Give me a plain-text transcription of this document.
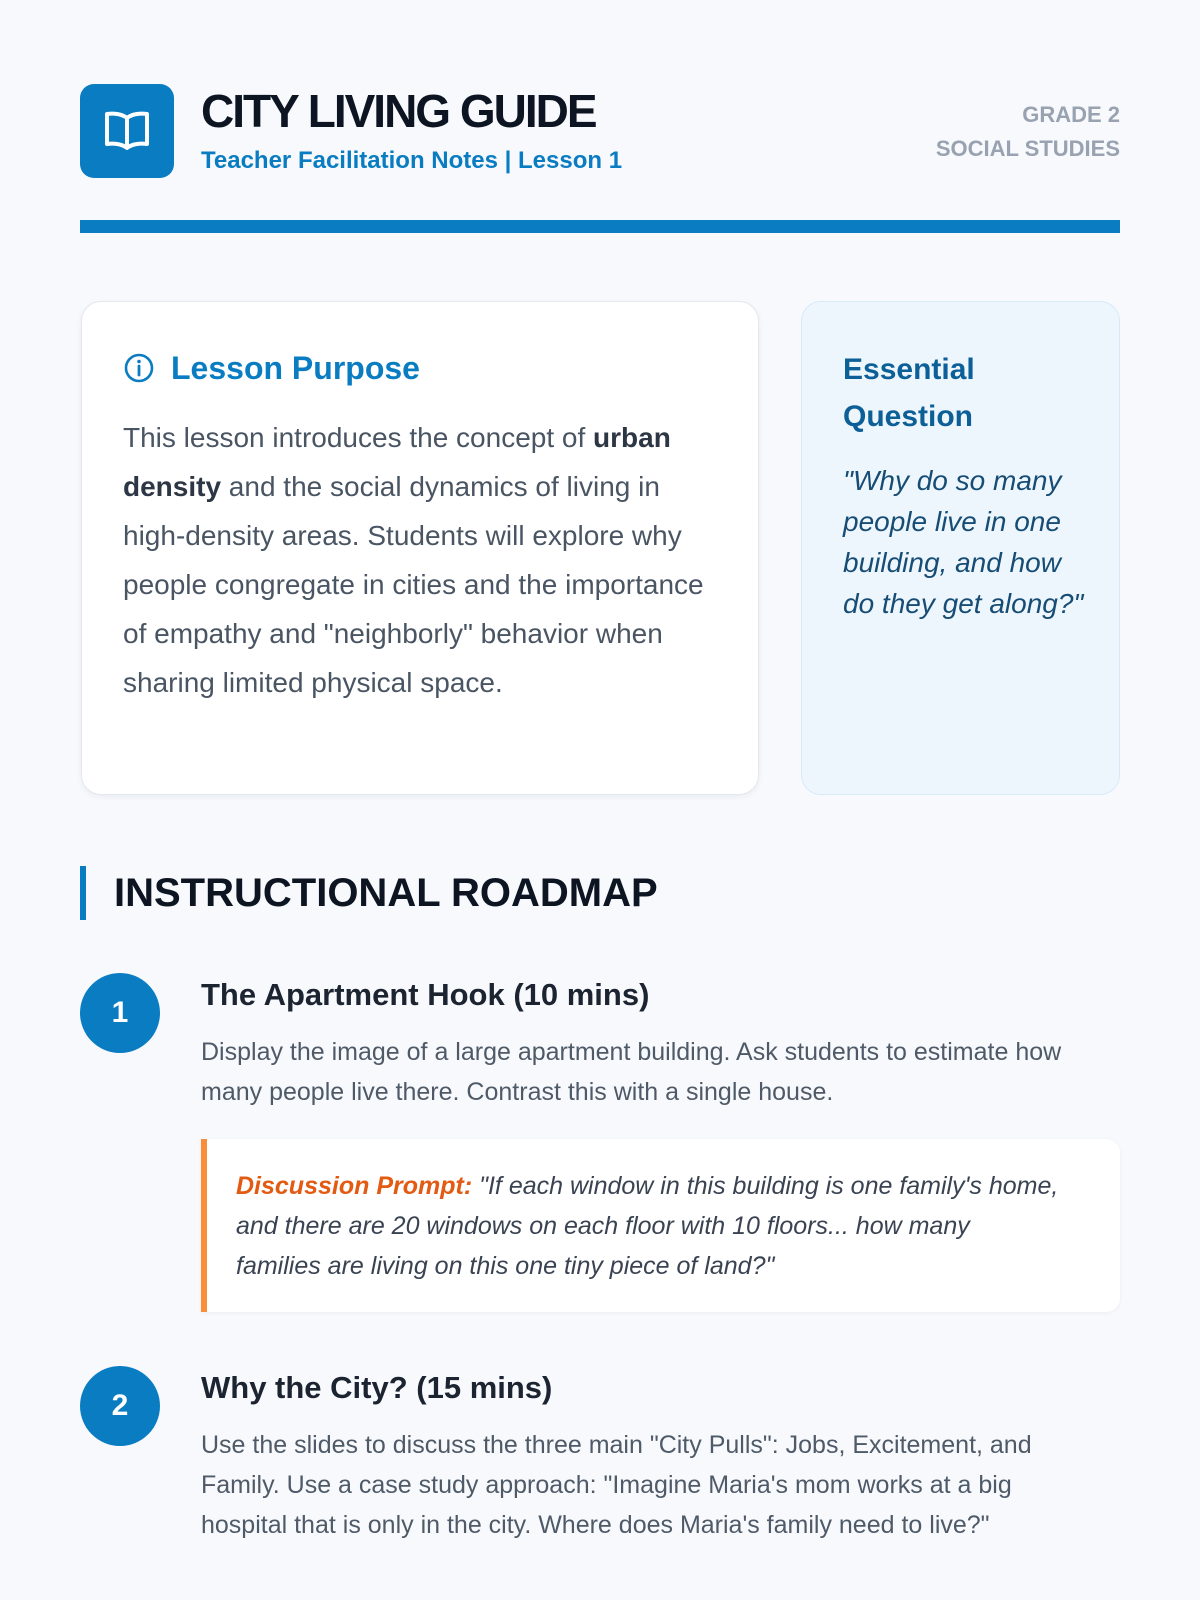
CITY LIVING GUIDE
Teacher Facilitation Notes | Lesson 1
GRADE 2
SOCIAL STUDIES
Lesson Purpose
This lesson introduces the concept of urban density and the social dynamics of living in high-density areas. Students will explore why people congregate in cities and the importance of empathy and "neighborly" behavior when sharing limited physical space.
Essential Question
"Why do so many people live in one building, and how do they get along?"
INSTRUCTIONAL ROADMAP
1
The Apartment Hook (10 mins)
Display the image of a large apartment building. Ask students to estimate how many people live there. Contrast this with a single house.
Discussion Prompt: "If each window in this building is one family's home, and there are 20 windows on each floor with 10 floors... how many families are living on this one tiny piece of land?"
2
Why the City? (15 mins)
Use the slides to discuss the three main "City Pulls": Jobs, Excitement, and Family. Use a case study approach: "Imagine Maria's mom works at a big hospital that is only in the city. Where does Maria's family need to live?"
